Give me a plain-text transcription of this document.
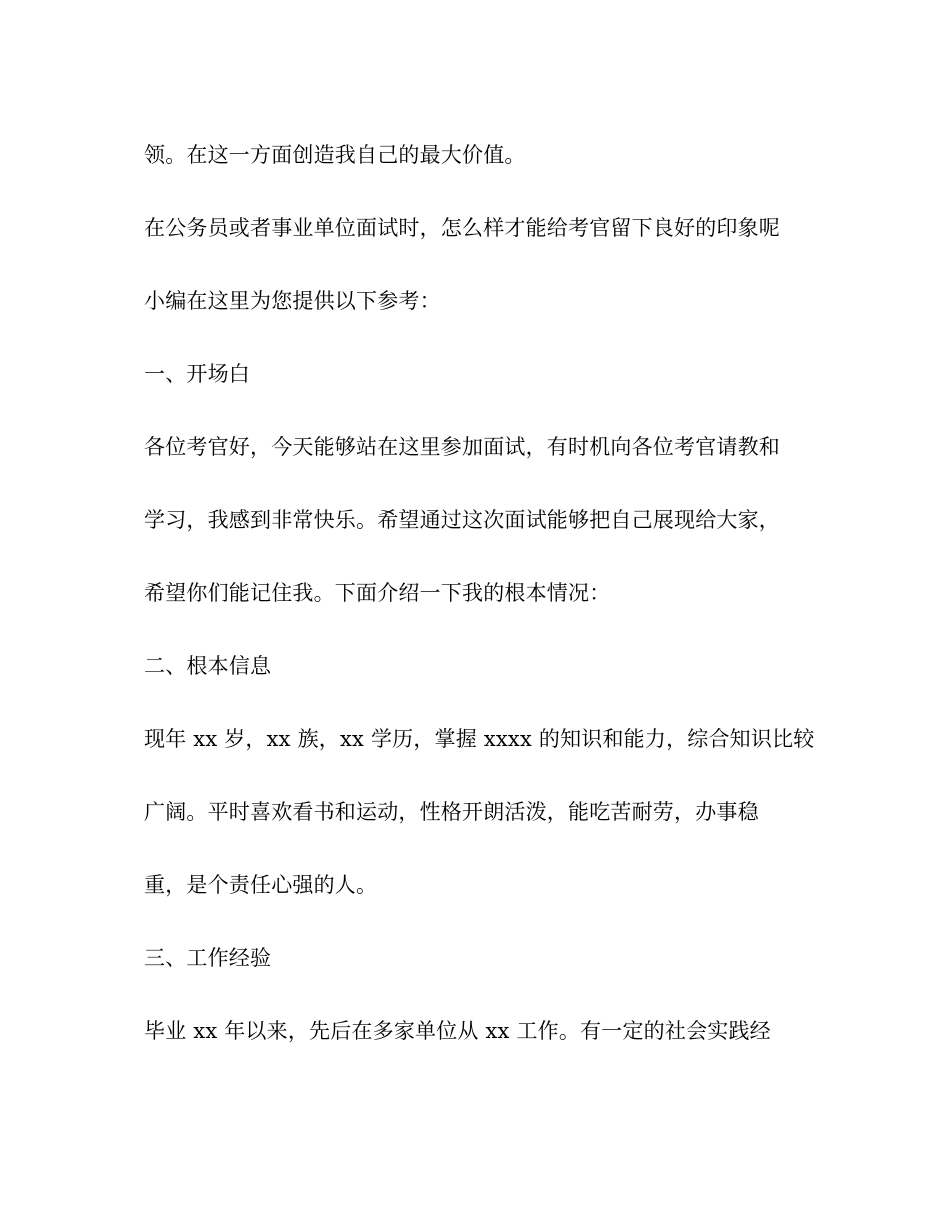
领。在这一方面创造我自己的最大价值。
在公务员或者事业单位面试时，怎么样才能给考官留下良好的印象呢
小编在这里为您提供以下参考：
一、开场白
各位考官好，今天能够站在这里参加面试，有时机向各位考官请教和
学习，我感到非常快乐。希望通过这次面试能够把自己展现给大家，
希望你们能记住我。下面介绍一下我的根本情况：
二、根本信息
现年 xx 岁，xx 族，xx 学历，掌握 xxxx 的知识和能力，综合知识比较
广阔。平时喜欢看书和运动，性格开朗活泼，能吃苦耐劳，办事稳
重，是个责任心强的人。
三、工作经验
毕业 xx 年以来，先后在多家单位从 xx 工作。有一定的社会实践经
